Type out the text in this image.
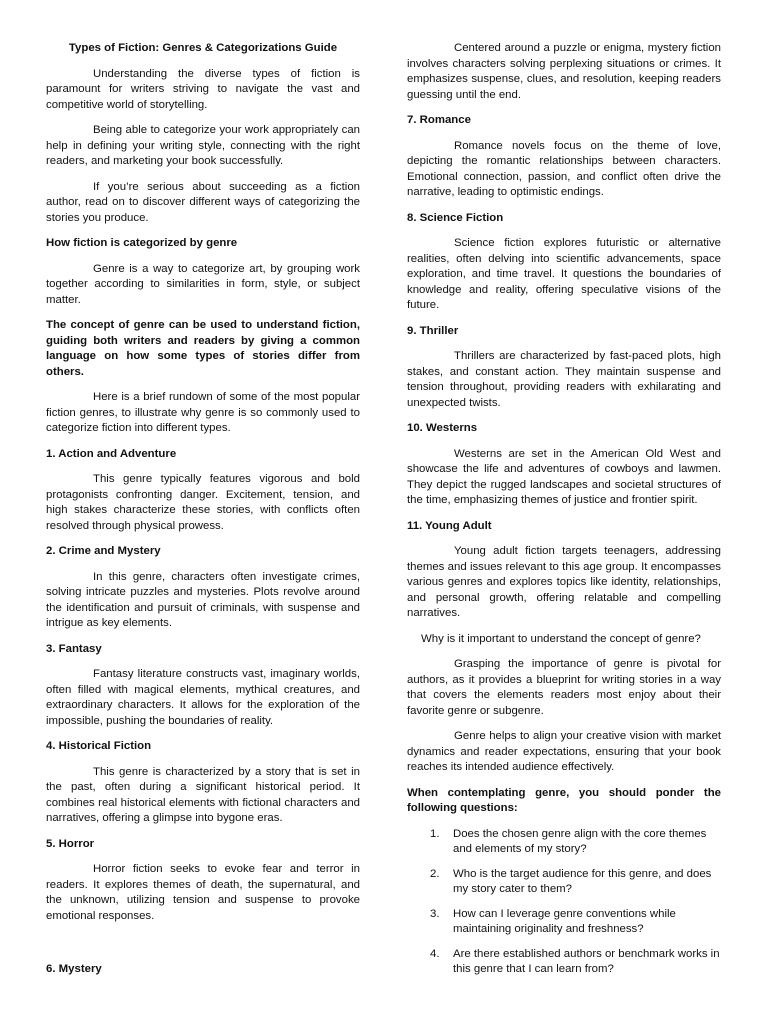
Types of Fiction: Genres & Categorizations Guide

Understanding the diverse types of fiction is paramount for writers striving to navigate the vast and competitive world of storytelling.

Being able to categorize your work appropriately can help in defining your writing style, connecting with the right readers, and marketing your book successfully.

If you’re serious about succeeding as a fiction author, read on to discover different ways of categorizing the stories you produce.

How fiction is categorized by genre

Genre is a way to categorize art, by grouping work together according to similarities in form, style, or subject matter.

The concept of genre can be used to understand fiction, guiding both writers and readers by giving a common language on how some types of stories differ from others.

Here is a brief rundown of some of the most popular fiction genres, to illustrate why genre is so commonly used to categorize fiction into different types.

1. Action and Adventure

This genre typically features vigorous and bold protagonists confronting danger. Excitement, tension, and high stakes characterize these stories, with conflicts often resolved through physical prowess.

2. Crime and Mystery

In this genre, characters often investigate crimes, solving intricate puzzles and mysteries. Plots revolve around the identification and pursuit of criminals, with suspense and intrigue as key elements.

3. Fantasy

Fantasy literature constructs vast, imaginary worlds, often filled with magical elements, mythical creatures, and extraordinary characters. It allows for the exploration of the impossible, pushing the boundaries of reality.

4. Historical Fiction

This genre is characterized by a story that is set in the past, often during a significant historical period. It combines real historical elements with fictional characters and narratives, offering a glimpse into bygone eras.

5. Horror

Horror fiction seeks to evoke fear and terror in readers. It explores themes of death, the supernatural, and the unknown, utilizing tension and suspense to provoke emotional responses.

6. Mystery

Centered around a puzzle or enigma, mystery fiction involves characters solving perplexing situations or crimes. It emphasizes suspense, clues, and resolution, keeping readers guessing until the end.

7. Romance

Romance novels focus on the theme of love, depicting the romantic relationships between characters. Emotional connection, passion, and conflict often drive the narrative, leading to optimistic endings.

8. Science Fiction

Science fiction explores futuristic or alternative realities, often delving into scientific advancements, space exploration, and time travel. It questions the boundaries of knowledge and reality, offering speculative visions of the future.

9. Thriller

Thrillers are characterized by fast-paced plots, high stakes, and constant action. They maintain suspense and tension throughout, providing readers with exhilarating and unexpected twists.

10. Westerns

Westerns are set in the American Old West and showcase the life and adventures of cowboys and lawmen. They depict the rugged landscapes and societal structures of the time, emphasizing themes of justice and frontier spirit.

11. Young Adult

Young adult fiction targets teenagers, addressing themes and issues relevant to this age group. It encompasses various genres and explores topics like identity, relationships, and personal growth, offering relatable and compelling narratives.

Why is it important to understand the concept of genre?

Grasping the importance of genre is pivotal for authors, as it provides a blueprint for writing stories in a way that covers the elements readers most enjoy about their favorite genre or subgenre.

Genre helps to align your creative vision with market dynamics and reader expectations, ensuring that your book reaches its intended audience effectively.

When contemplating genre, you should ponder the following questions:

1. Does the chosen genre align with the core themes and elements of my story?
2. Who is the target audience for this genre, and does my story cater to them?
3. How can I leverage genre conventions while maintaining originality and freshness?
4. Are there established authors or benchmark works in this genre that I can learn from?
